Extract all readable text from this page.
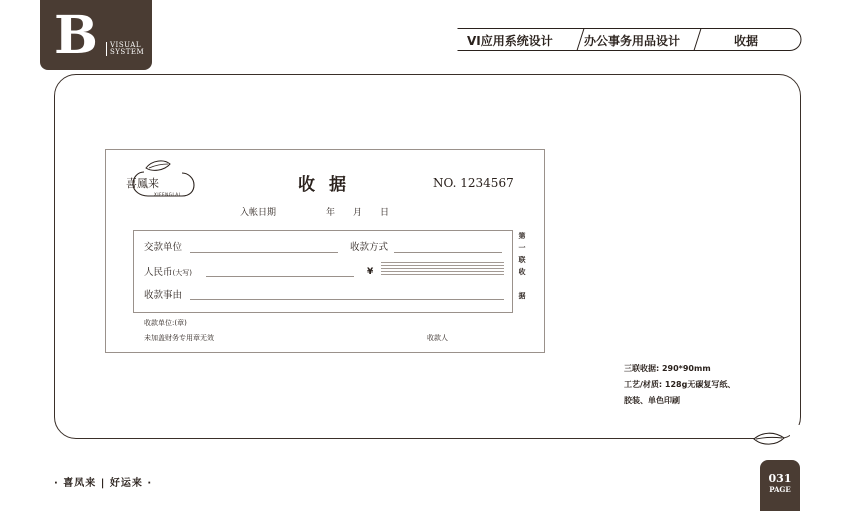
B VISUAL
SYSTEM
VI应用系统设计	办公事务用品设计	收据
喜鳳来
XIFENGLAI	收据	NO. 1234567
入帐日期	年 月 日
交款单位	收款方式
人民币(大写)	¥
收款事由
第
一
联
收

据
收款单位:(章)
未加盖财务专用章无效	收款人
三联收据: 290*90mm
工艺/材质: 128g无碳复写纸、
胶装、单色印刷
· 喜凤来 | 好运来 ·	031
PAGE
